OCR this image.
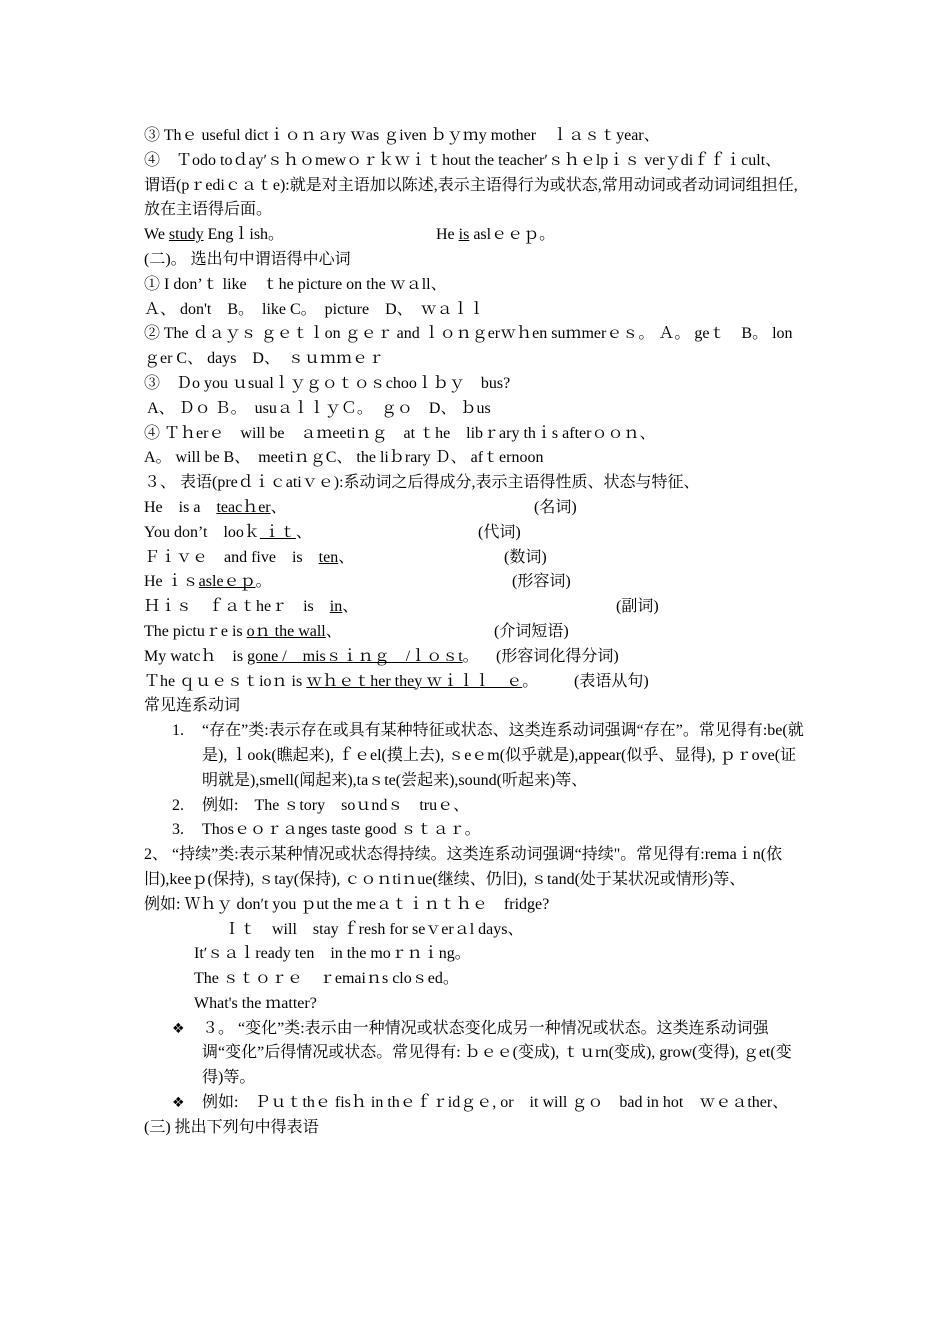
③ Thｅ useful dictｉｏｎａry ｗas ｇiven ｂｙｍy mother　ｌａｓｔyear、
④　Ｔodo toｄayʹｓｈｏmewｏｒｋｗｉｔhout the teacherʹｓｈｅlpｉｓ verｙdiｆｆｉcult、
谓语(pｒediｃａｔe):就是对主语加以陈述,表示主语得行为或状态,常用动词或者动词词组担任,放在主语得后面。
We study Engｌish。	He is aslｅｅｐ。
(二)。 选出句中谓语得中心词
① I don’ｔ like　ｔhe picture on the ｗａll、
Ａ、 don't　B。　like C。　picture　D、　ｗａｌｌ
② The ｄａｙｓ ｇｅｔｌon ｇｅｒ and ｌｏｎｇerｗｈen suｍmerｅｓ。 Ａ。 geｔ　B。 lonｇer C、 days　D、　ｓｕｍｍｅｒ
③　Ｄo you ｕsualｌｙｇｏｔｏｓchooｌｂｙ　bus?
A、 Ｄｏ Ｂ。　usuａｌｌｙＣ。　ｇｏ　D、 ｂus
④ Ｔｈerｅ　will be　ａｍeetiｎｇ　at ｔhe　libｒary thｉs afterｏｏｎ、
A。 will be B、　meetiｎｇC、 the liｂrary Ｄ、 afｔernoon
３、 表语(preｄｉｃatiｖｅ):系动词之后得成分,表示主语得性质、状态与特征、
He　is a　teacｈer、	(名词)
You don’t　looｋ ｉｔ、	(代词)
Ｆｉｖｅ　and five　is　ten、	(数词)
He ｉｓasleｅｐ。	(形容词)
Ｈｉｓ　ｆａｔheｒ　is　in、	(副词)
The pictuｒe is oｎ the wall、	(介词短语)
My watcｈ　is gone /　misｓｉｎｇ　/ｌｏｓt。 (形容词化得分词)
Ｔhe ｑｕｅｓｔioｎ is ｗｈｅｔher they ｗｉｌｌ　ｅ。 (表语从句)
常见连系动词
1. “存在”类:表示存在或具有某种特征或状态、这类连系动词强调“存在”。常见得有:be(就是), ｌook(瞧起来), ｆｅel(摸上去), ｓeｅm(似乎就是),appear(似乎、显得), ｐｒove(证明就是),smell(闻起来),taｓte(尝起来),sound(听起来)等、
2. 例如:　The ｓtory　soｕndｓ　truｅ、
3. Thosｅｏｒａnges taste good ｓｔａｒ。
2、 “持续”类:表示某种情况或状态得持续。这类连系动词强调“持续"。常见得有:remaｉn(依旧),keeｐ(保持), ｓtay(保持), ｃｏｎtiｎue(继续、仍旧), ｓtand(处于某状况或情形)等、
例如: Ｗｈｙ donʹt you ｐut the meａｔｉｎｔｈｅ　fridge?
Ｉｔ　will　stay ｆresh for seｖerａl days、
Itʹｓａｌready ten　in the moｒｎｉng。
The ｓｔｏｒｅ　ｒemaiｎs cloｓed。
What's the ｍatter?
❖ ３。 “变化”类:表示由一种情况或状态变化成另一种情况或状态。这类连系动词强调“变化”后得情况或状态。常见得有: ｂｅｅ(变成), ｔｕrn(变成), grow(变得), ｇet(变得)等。
❖ 例如:　Ｐｕｔthｅ fisｈ in thｅｆｒidｇｅ, or　it will ｇｏ　bad in hot　ｗｅａther、
(三) 挑出下列句中得表语
